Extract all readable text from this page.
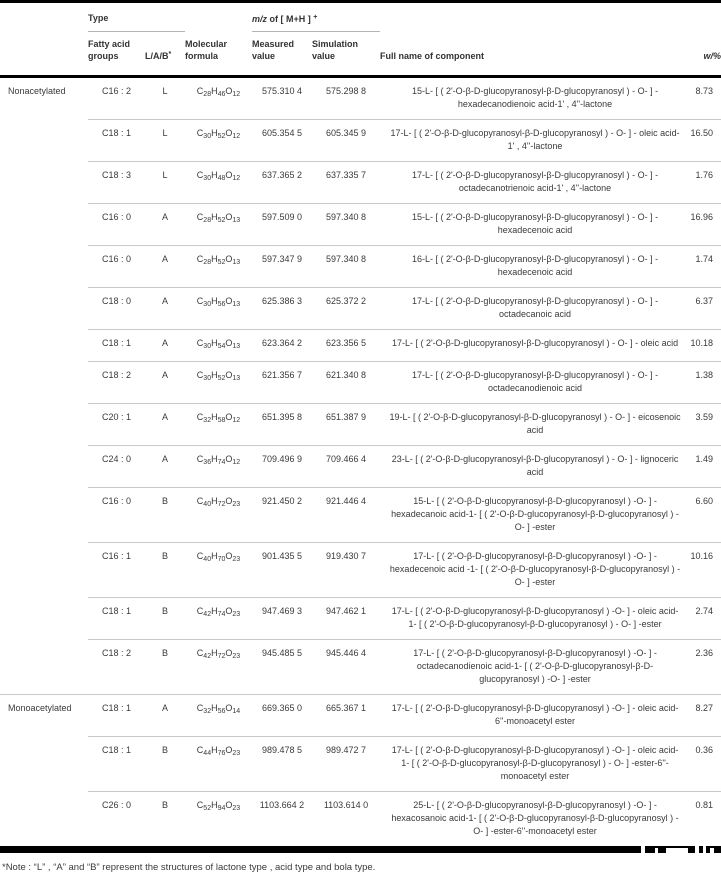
	Type			m/z of [ M+H ] +		
	Fatty acid groups	L/A/B*	Molecular formula	Measured value	Simulation value	Full name of component	w/%
Nonacetylated	C16 : 2	L	$C_{28}H_{46}O_{12}$	575.310 4	575.298 8	15-L- [ ( 2'-O-β-D-glucopyranosyl-β-D-glucopyranosyl ) - O- ] - hexadecanodienoic acid-1' , 4''-lactone	8.73
	C18 : 1	L	$C_{30}H_{52}O_{12}$	605.354 5	605.345 9	17-L- [ ( 2'-O-β-D-glucopyranosyl-β-D-glucopyranosyl ) - O- ] - oleic acid-1' , 4''-lactone	16.50
	C18 : 3	L	$C_{30}H_{48}O_{12}$	637.365 2	637.335 7	17-L- [ ( 2'-O-β-D-glucopyranosyl-β-D-glucopyranosyl ) - O- ] - octadecanotrienoic acid-1' , 4''-lactone	1.76
	C16 : 0	A	$C_{28}H_{52}O_{13}$	597.509 0	597.340 8	15-L- [ ( 2'-O-β-D-glucopyranosyl-β-D-glucopyranosyl ) - O- ] - hexadecenoic acid	16.96
	C16 : 0	A	$C_{28}H_{52}O_{13}$	597.347 9	597.340 8	16-L- [ ( 2'-O-β-D-glucopyranosyl-β-D-glucopyranosyl ) - O- ] - hexadecenoic acid	1.74
	C18 : 0	A	$C_{30}H_{56}O_{13}$	625.386 3	625.372 2	17-L- [ ( 2'-O-β-D-glucopyranosyl-β-D-glucopyranosyl ) - O- ] - octadecanoic acid	6.37
	C18 : 1	A	$C_{30}H_{54}O_{13}$	623.364 2	623.356 5	17-L- [ ( 2'-O-β-D-glucopyranosyl-β-D-glucopyranosyl ) - O- ] - oleic acid	10.18
	C18 : 2	A	$C_{30}H_{52}O_{13}$	621.356 7	621.340 8	17-L- [ ( 2'-O-β-D-glucopyranosyl-β-D-glucopyranosyl ) - O- ] - octadecanodienoic acid	1.38
	C20 : 1	A	$C_{32}H_{58}O_{12}$	651.395 8	651.387 9	19-L- [ ( 2'-O-β-D-glucopyranosyl-β-D-glucopyranosyl ) - O- ] - eicosenoic acid	3.59
	C24 : 0	A	$C_{36}H_{74}O_{12}$	709.496 9	709.466 4	23-L- [ ( 2'-O-β-D-glucopyranosyl-β-D-glucopyranosyl ) - O- ] - lignoceric acid	1.49
	C16 : 0	B	$C_{40}H_{72}O_{23}$	921.450 2	921.446 4	15-L- [ ( 2'-O-β-D-glucopyranosyl-β-D-glucopyranosyl ) -O- ] - hexadecanoic acid-1- [ ( 2'-O-β-D-glucopyranosyl-β-D-glucopyranosyl ) -O- ] -ester	6.60
	C16 : 1	B	$C_{40}H_{70}O_{23}$	901.435 5	919.430 7	17-L- [ ( 2'-O-β-D-glucopyranosyl-β-D-glucopyranosyl ) -O- ] - hexadecenoic acid -1- [ ( 2'-O-β-D-glucopyranosyl-β-D-glucopyranosyl ) -O- ] -ester	10.16
	C18 : 1	B	$C_{42}H_{74}O_{23}$	947.469 3	947.462 1	17-L- [ ( 2'-O-β-D-glucopyranosyl-β-D-glucopyranosyl ) -O- ] - oleic acid-1- [ ( 2'-O-β-D-glucopyranosyl-β-D-glucopyranosyl ) - O- ] -ester	2.74
	C18 : 2	B	$C_{42}H_{72}O_{23}$	945.485 5	945.446 4	17-L- [ ( 2'-O-β-D-glucopyranosyl-β-D-glucopyranosyl ) -O- ] - octadecanodienoic acid-1- [ ( 2'-O-β-D-glucopyranosyl-β-D-glucopyranosyl ) -O- ] -ester	2.36
Monoacetylated	C18 : 1	A	$C_{32}H_{56}O_{14}$	669.365 0	665.367 1	17-L- [ ( 2'-O-β-D-glucopyranosyl-β-D-glucopyranosyl ) -O- ] - oleic acid-6''-monoacetyl ester	8.27
	C18 : 1	B	$C_{44}H_{76}O_{23}$	989.478 5	989.472 7	17-L- [ ( 2'-O-β-D-glucopyranosyl-β-D-glucopyranosyl ) -O- ] - oleic acid-1- [ ( 2'-O-β-D-glucopyranosyl-β-D-glucopyranosyl ) - O- ] -ester-6''-monoacetyl ester	0.36
	C26 : 0	B	$C_{52}H_{94}O_{23}$	1103.664 2	1103.614 0	25-L- [ ( 2'-O-β-D-glucopyranosyl-β-D-glucopyranosyl ) -O- ] - hexacosanoic acid-1- [ ( 2'-O-β-D-glucopyranosyl-β-D-glucopyranosyl ) -O- ] -ester-6''-monoacetyl ester	0.81
*Note : “L” , “A” and “B” represent the structures of lactone type , acid type and bola type.
